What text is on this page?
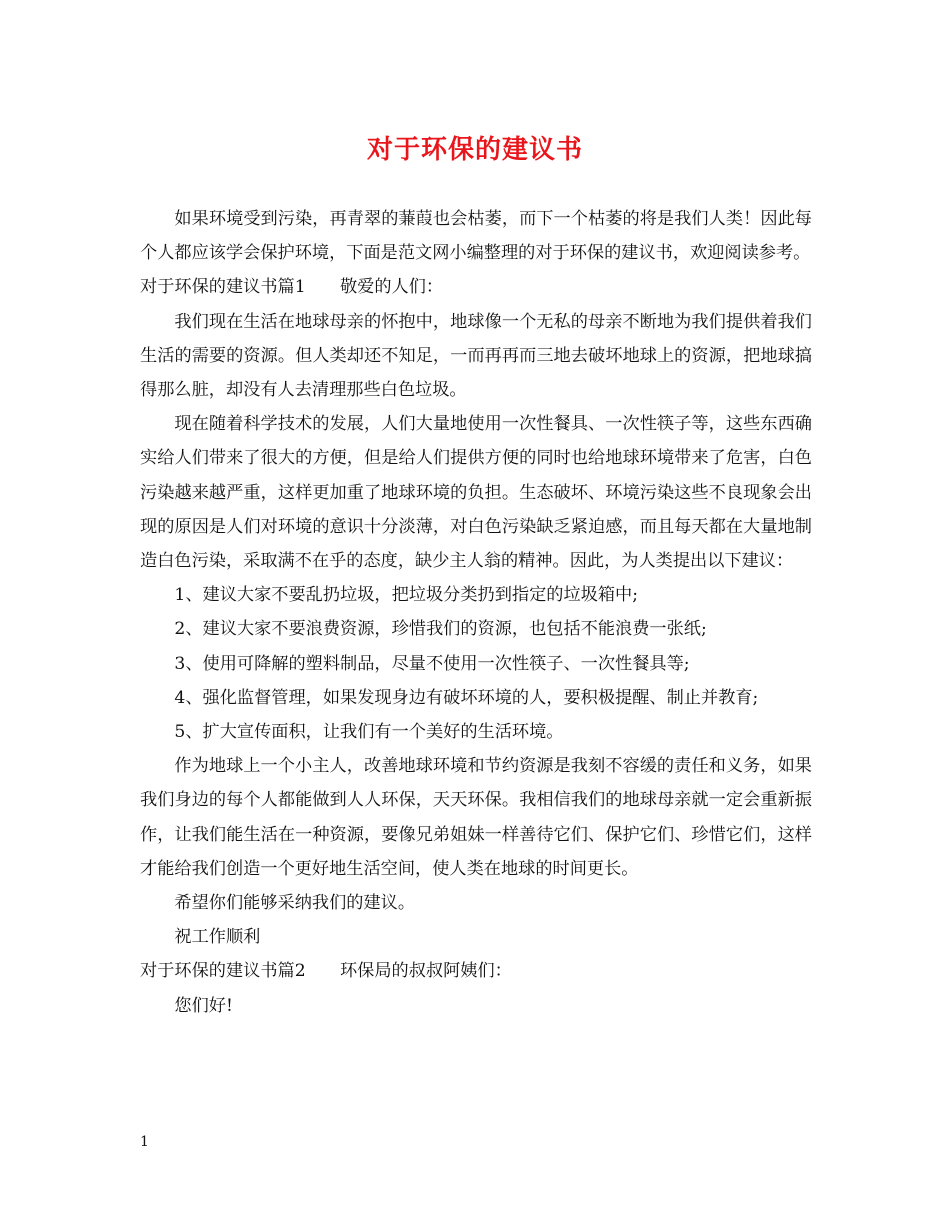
对于环保的建议书

如果环境受到污染，再青翠的蒹葭也会枯萎，而下一个枯萎的将是我们人类！因此每个人都应该学会保护环境，下面是范文网小编整理的对于环保的建议书，欢迎阅读参考。

对于环保的建议书篇1　　敬爱的人们：

我们现在生活在地球母亲的怀抱中，地球像一个无私的母亲不断地为我们提供着我们生活的需要的资源。但人类却还不知足，一而再再而三地去破坏地球上的资源，把地球搞得那么脏，却没有人去清理那些白色垃圾。

现在随着科学技术的发展，人们大量地使用一次性餐具、一次性筷子等，这些东西确实给人们带来了很大的方便，但是给人们提供方便的同时也给地球环境带来了危害，白色污染越来越严重，这样更加重了地球环境的负担。生态破坏、环境污染这些不良现象会出现的原因是人们对环境的意识十分淡薄，对白色污染缺乏紧迫感，而且每天都在大量地制造白色污染，采取满不在乎的态度，缺少主人翁的精神。因此，为人类提出以下建议：

1、建议大家不要乱扔垃圾，把垃圾分类扔到指定的垃圾箱中;

2、建议大家不要浪费资源，珍惜我们的资源，也包括不能浪费一张纸;

3、使用可降解的塑料制品，尽量不使用一次性筷子、一次性餐具等;

4、强化监督管理，如果发现身边有破坏环境的人，要积极提醒、制止并教育;

5、扩大宣传面积，让我们有一个美好的生活环境。

作为地球上一个小主人，改善地球环境和节约资源是我刻不容缓的责任和义务，如果我们身边的每个人都能做到人人环保，天天环保。我相信我们的地球母亲就一定会重新振作，让我们能生活在一种资源，要像兄弟姐妹一样善待它们、保护它们、珍惜它们，这样才能给我们创造一个更好地生活空间，使人类在地球的时间更长。

希望你们能够采纳我们的建议。

祝工作顺利

对于环保的建议书篇2　　环保局的叔叔阿姨们：

您们好!

1
